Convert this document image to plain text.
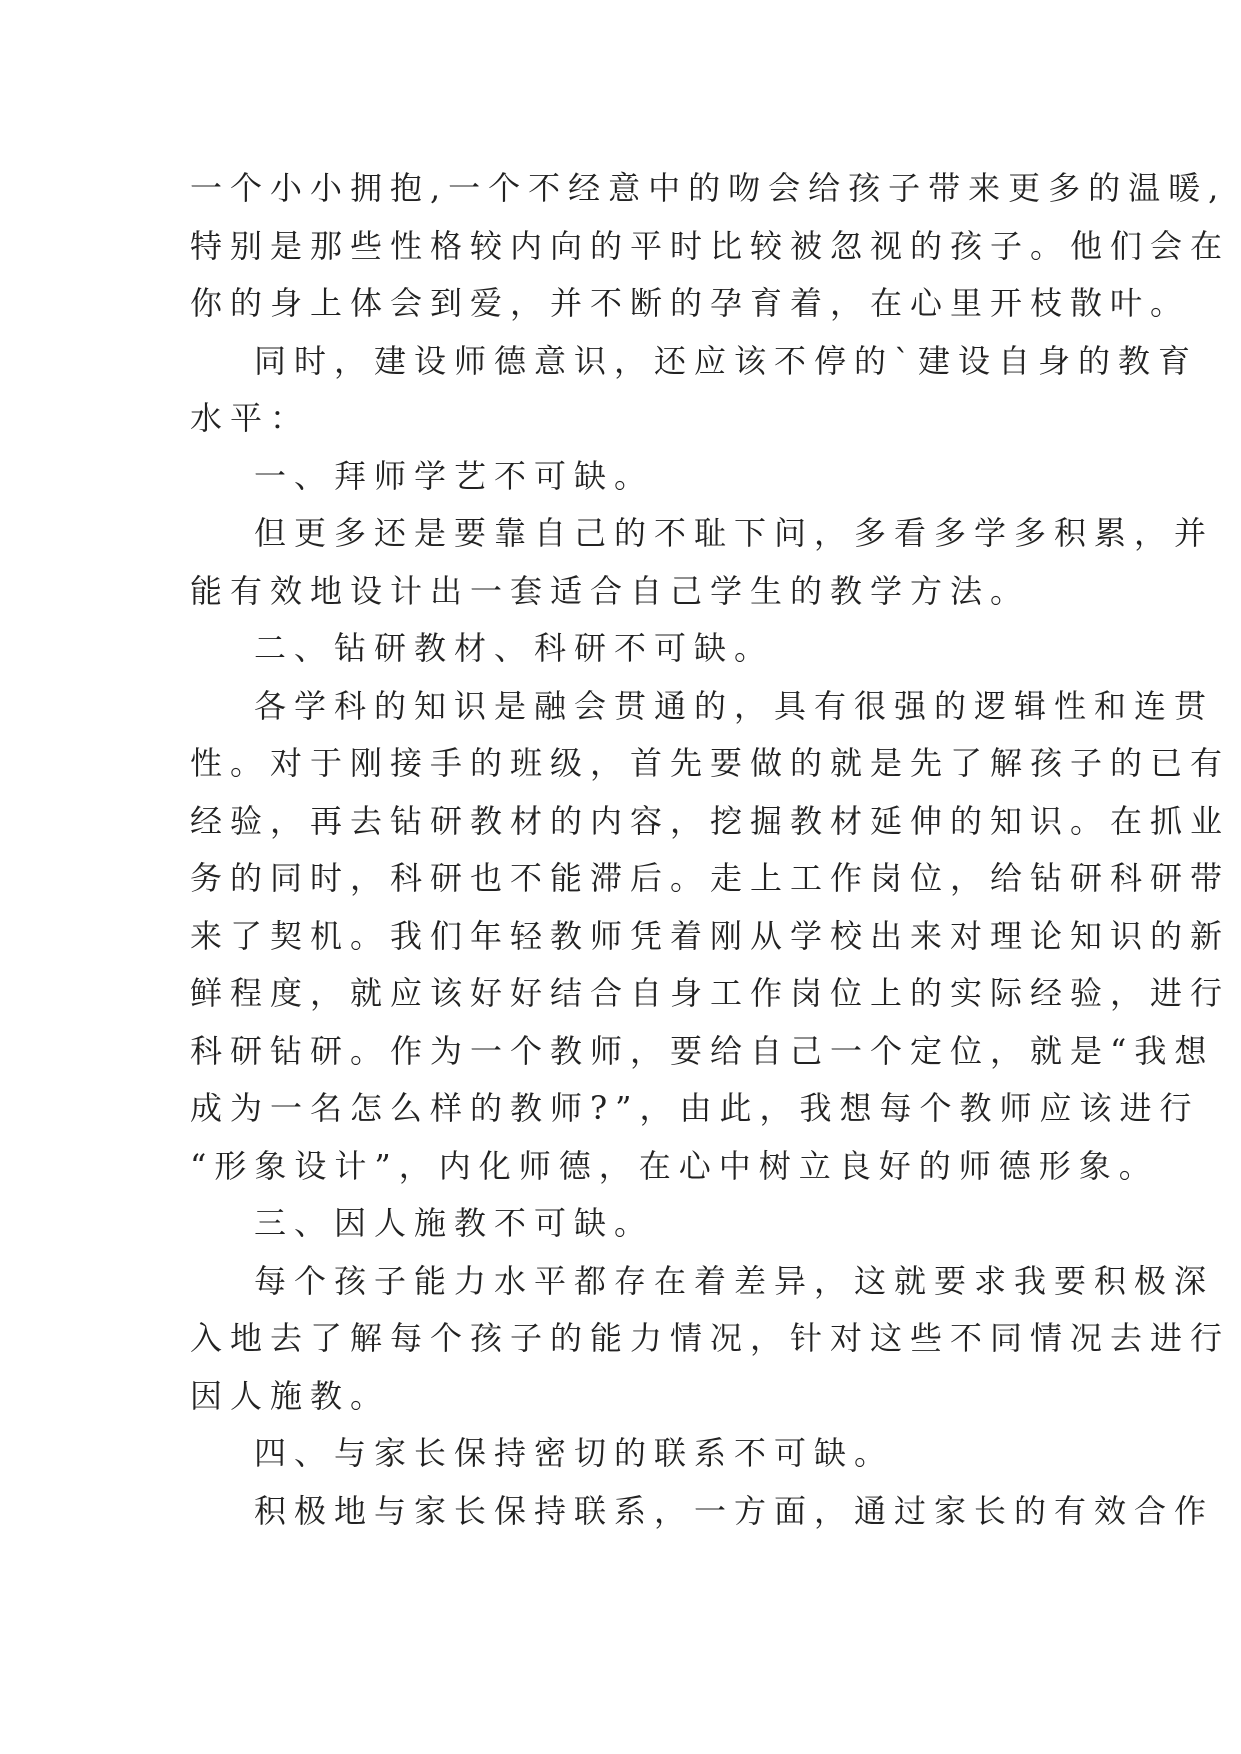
一个小小拥抱,一个不经意中的吻会给孩子带来更多的温暖,
特别是那些性格较内向的平时比较被忽视的孩子。他们会在
你的身上体会到爱，并不断的孕育着，在心里开枝散叶。
同时，建设师德意识，还应该不停的`建设自身的教育
水平：
一、拜师学艺不可缺。
但更多还是要靠自己的不耻下问，多看多学多积累，并
能有效地设计出一套适合自己学生的教学方法。
二、钻研教材、科研不可缺。
各学科的知识是融会贯通的，具有很强的逻辑性和连贯
性。对于刚接手的班级，首先要做的就是先了解孩子的已有
经验，再去钻研教材的内容，挖掘教材延伸的知识。在抓业
务的同时，科研也不能滞后。走上工作岗位，给钻研科研带
来了契机。我们年轻教师凭着刚从学校出来对理论知识的新
鲜程度，就应该好好结合自身工作岗位上的实际经验，进行
科研钻研。作为一个教师，要给自己一个定位，就是“我想
成为一名怎么样的教师?”，由此，我想每个教师应该进行
“形象设计”，内化师德，在心中树立良好的师德形象。
三、因人施教不可缺。
每个孩子能力水平都存在着差异，这就要求我要积极深
入地去了解每个孩子的能力情况，针对这些不同情况去进行
因人施教。
四、与家长保持密切的联系不可缺。
积极地与家长保持联系，一方面，通过家长的有效合作
